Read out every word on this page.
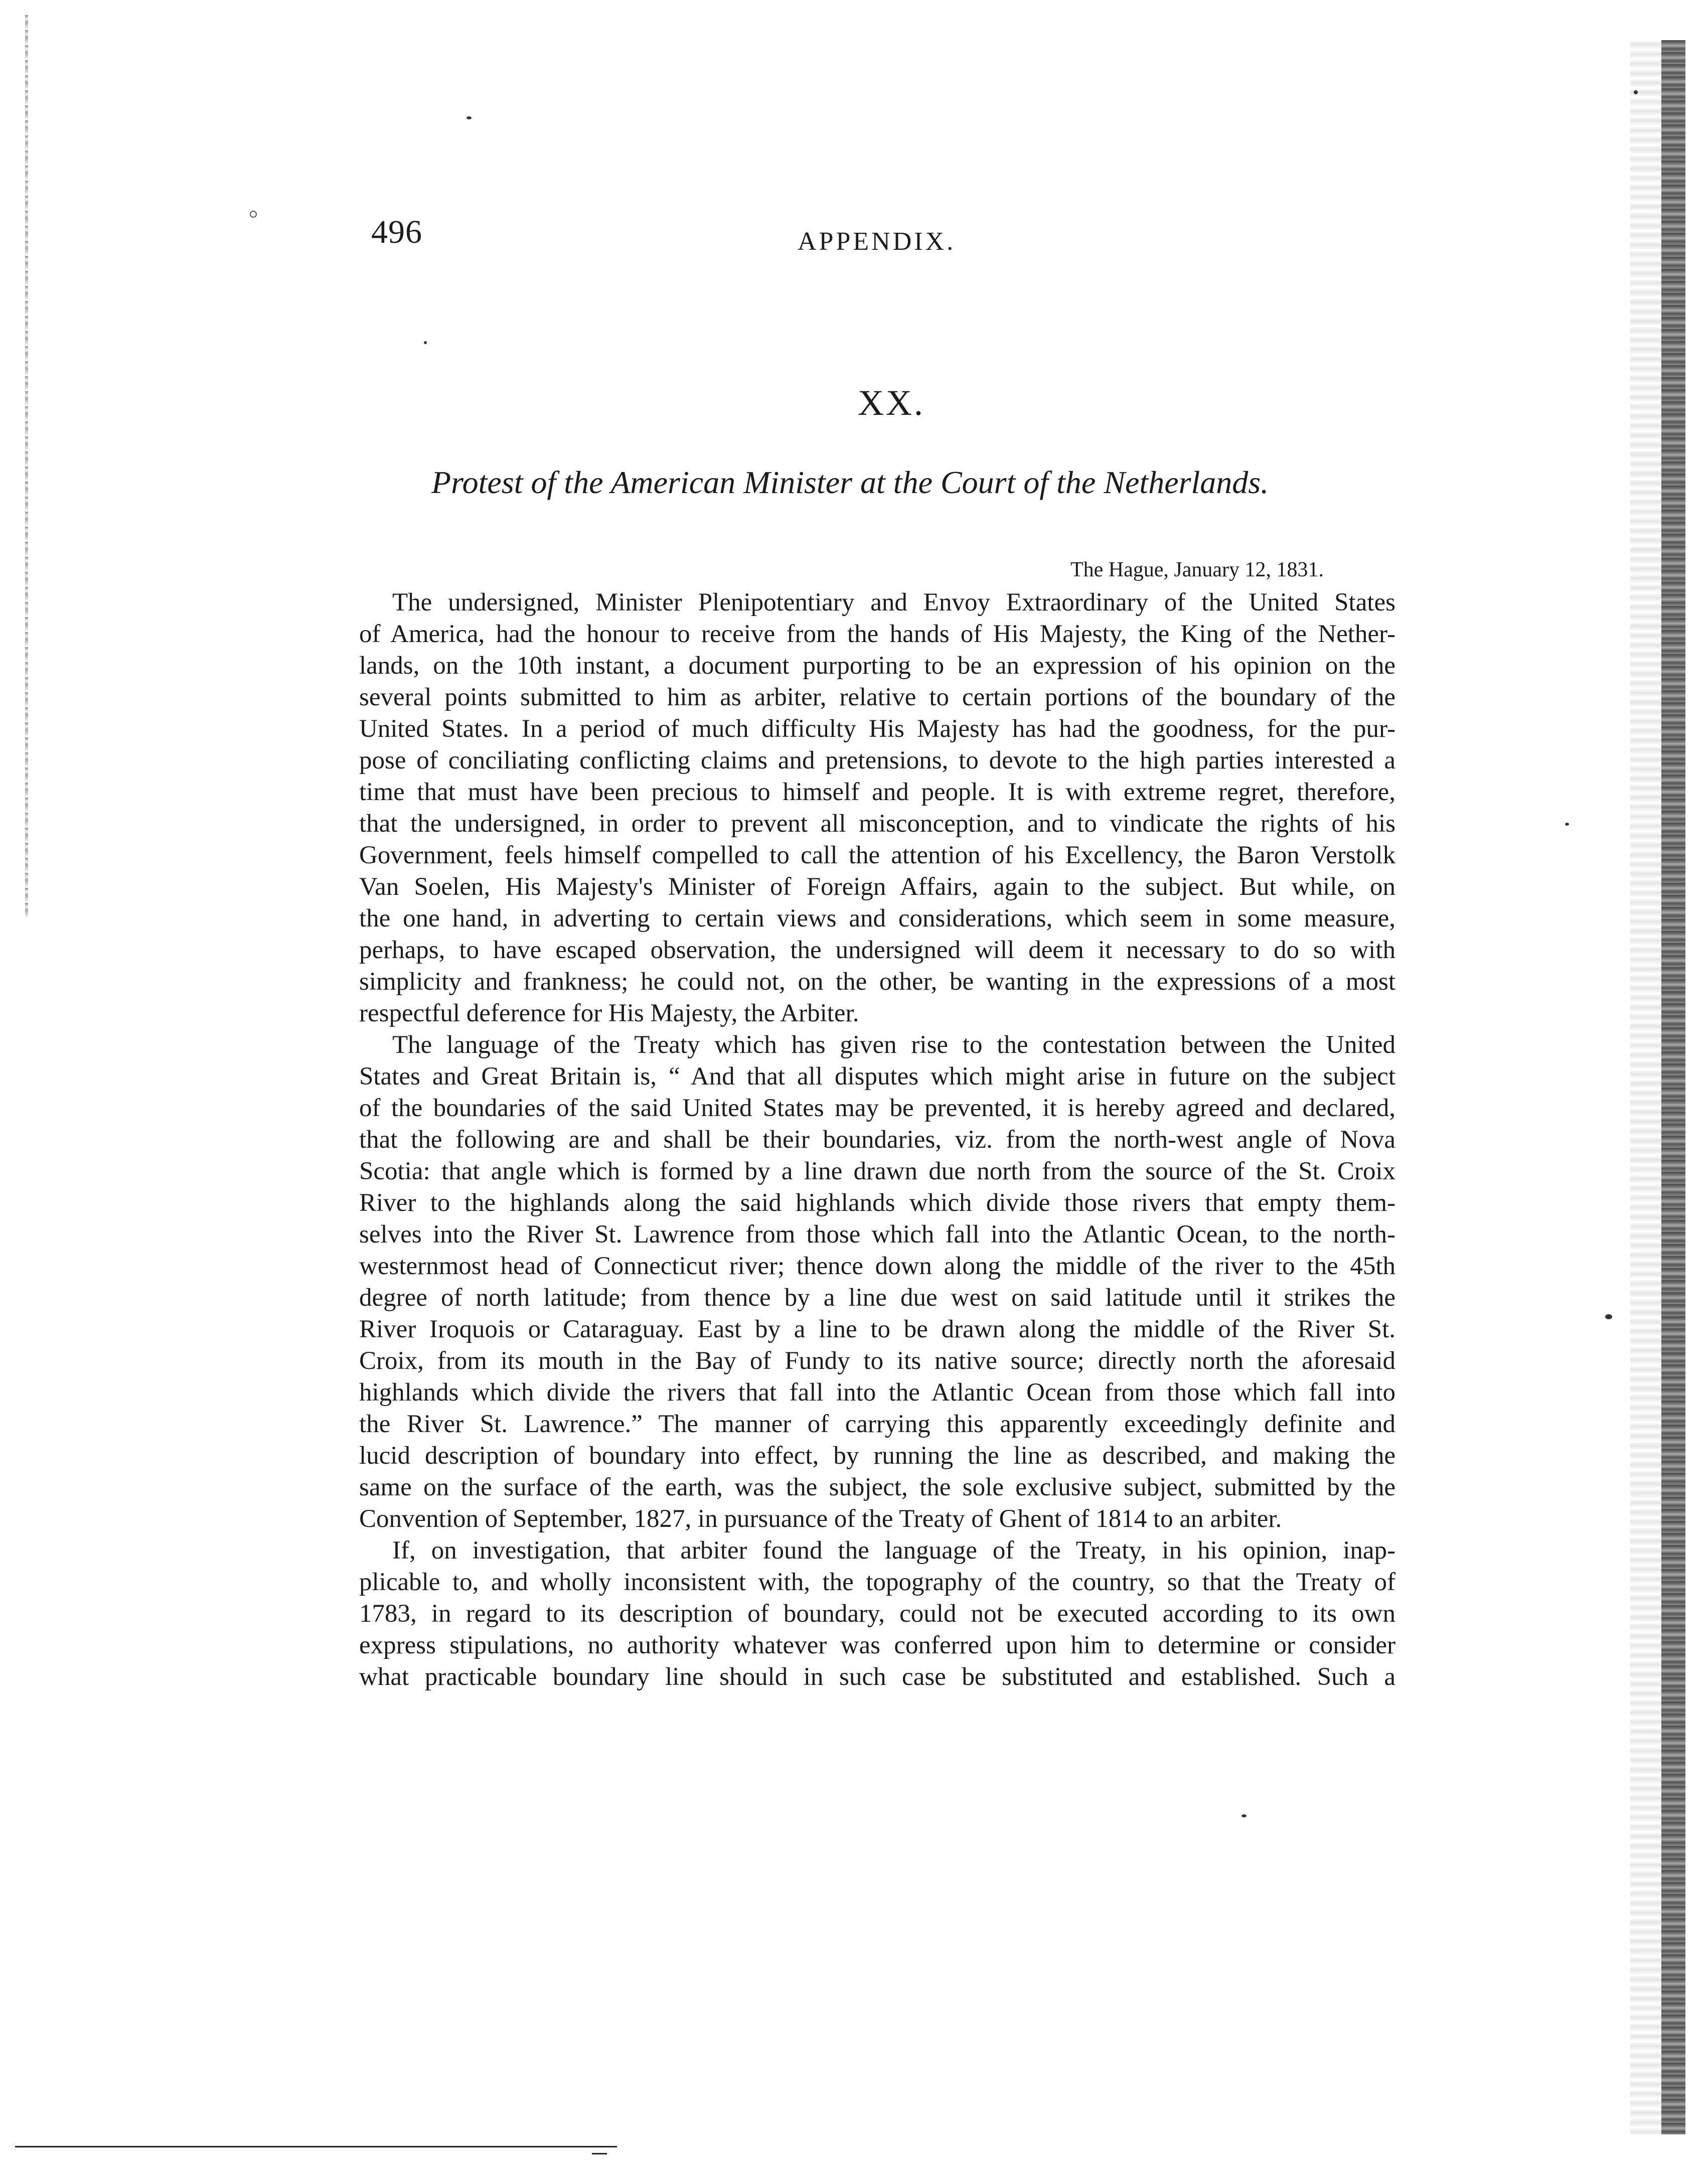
496	APPENDIX.
XX.
Protest of the American Minister at the Court of the Netherlands.
The Hague, January 12, 1831.
The undersigned, Minister Plenipotentiary and Envoy Extraordinary of the United States
of America, had the honour to receive from the hands of His Majesty, the King of the Nether-
lands, on the 10th instant, a document purporting to be an expression of his opinion on the
several points submitted to him as arbiter, relative to certain portions of the boundary of the
United States. In a period of much difficulty His Majesty has had the goodness, for the pur-
pose of conciliating conflicting claims and pretensions, to devote to the high parties interested a
time that must have been precious to himself and people. It is with extreme regret, therefore,
that the undersigned, in order to prevent all misconception, and to vindicate the rights of his
Government, feels himself compelled to call the attention of his Excellency, the Baron Verstolk
Van Soelen, His Majesty's Minister of Foreign Affairs, again to the subject. But while, on
the one hand, in adverting to certain views and considerations, which seem in some measure,
perhaps, to have escaped observation, the undersigned will deem it necessary to do so with
simplicity and frankness; he could not, on the other, be wanting in the expressions of a most
respectful deference for His Majesty, the Arbiter.
The language of the Treaty which has given rise to the contestation between the United
States and Great Britain is, “ And that all disputes which might arise in future on the subject
of the boundaries of the said United States may be prevented, it is hereby agreed and declared,
that the following are and shall be their boundaries, viz. from the north-west angle of Nova
Scotia: that angle which is formed by a line drawn due north from the source of the St. Croix
River to the highlands along the said highlands which divide those rivers that empty them-
selves into the River St. Lawrence from those which fall into the Atlantic Ocean, to the north-
westernmost head of Connecticut river; thence down along the middle of the river to the 45th
degree of north latitude; from thence by a line due west on said latitude until it strikes the
River Iroquois or Cataraguay. East by a line to be drawn along the middle of the River St.
Croix, from its mouth in the Bay of Fundy to its native source; directly north the aforesaid
highlands which divide the rivers that fall into the Atlantic Ocean from those which fall into
the River St. Lawrence.” The manner of carrying this apparently exceedingly definite and
lucid description of boundary into effect, by running the line as described, and making the
same on the surface of the earth, was the subject, the sole exclusive subject, submitted by the
Convention of September, 1827, in pursuance of the Treaty of Ghent of 1814 to an arbiter.
If, on investigation, that arbiter found the language of the Treaty, in his opinion, inap-
plicable to, and wholly inconsistent with, the topography of the country, so that the Treaty of
1783, in regard to its description of boundary, could not be executed according to its own
express stipulations, no authority whatever was conferred upon him to determine or consider
what practicable boundary line should in such case be substituted and established. Such a
